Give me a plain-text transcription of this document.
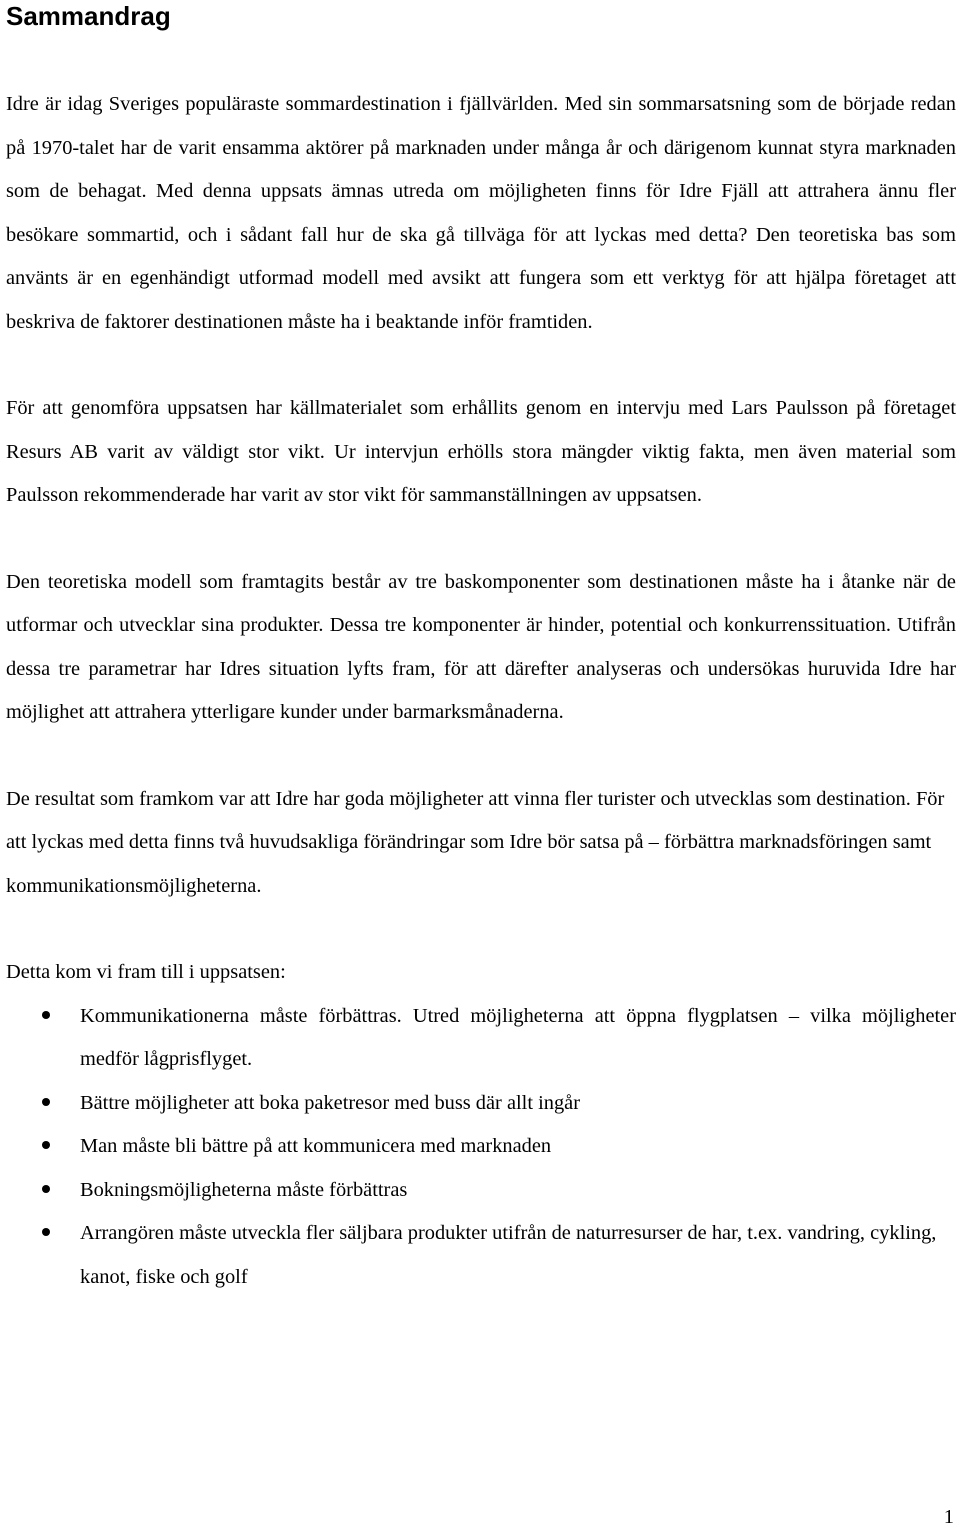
Sammandrag

Idre är idag Sveriges populäraste sommardestination i fjällvärlden. Med sin sommarsatsning som de började redan på 1970-talet har de varit ensamma aktörer på marknaden under många år och därigenom kunnat styra marknaden som de behagat. Med denna uppsats ämnas utreda om möjligheten finns för Idre Fjäll att attrahera ännu fler besökare sommartid, och i sådant fall hur de ska gå tillväga för att lyckas med detta? Den teoretiska bas som använts är en egenhändigt utformad modell med avsikt att fungera som ett verktyg för att hjälpa företaget att beskriva de faktorer destinationen måste ha i beaktande inför framtiden.

För att genomföra uppsatsen har källmaterialet som erhållits genom en intervju med Lars Paulsson på företaget Resurs AB varit av väldigt stor vikt. Ur intervjun erhölls stora mängder viktig fakta, men även material som Paulsson rekommenderade har varit av stor vikt för sammanställningen av uppsatsen.

Den teoretiska modell som framtagits består av tre baskomponenter som destinationen måste ha i åtanke när de utformar och utvecklar sina produkter. Dessa tre komponenter är hinder, potential och konkurrenssituation. Utifrån dessa tre parametrar har Idres situation lyfts fram, för att därefter analyseras och undersökas huruvida Idre har möjlighet att attrahera ytterligare kunder under barmarksmånaderna.

De resultat som framkom var att Idre har goda möjligheter att vinna fler turister och utvecklas som destination. För att lyckas med detta finns två huvudsakliga förändringar som Idre bör satsa på – förbättra marknadsföringen samt kommunikationsmöjligheterna.

Detta kom vi fram till i uppsatsen:

Kommunikationerna måste förbättras. Utred möjligheterna att öppna flygplatsen – vilka möjligheter medför lågprisflyget.
Bättre möjligheter att boka paketresor med buss där allt ingår
Man måste bli bättre på att kommunicera med marknaden
Bokningsmöjligheterna måste förbättras
Arrangören måste utveckla fler säljbara produkter utifrån de naturresurser de har, t.ex. vandring, cykling, kanot, fiske och golf
1
